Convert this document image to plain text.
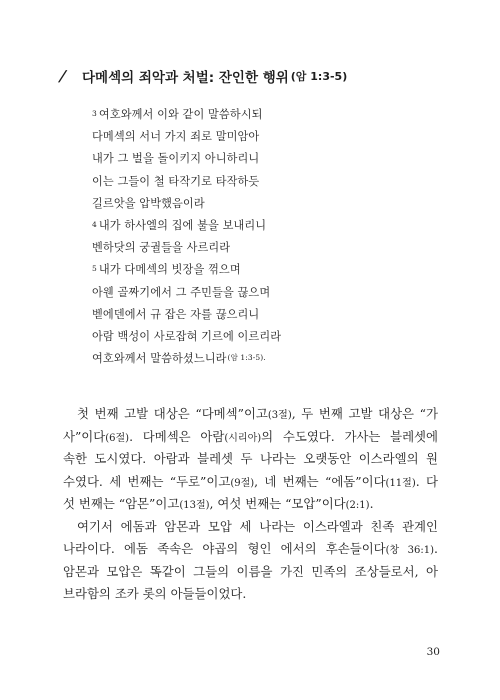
/	다메섹의 죄악과 처벌: 잔인한 행위 (암 1:3-5)
$^3$ 여호와께서 이와 같이 말씀하시되
다메섹의 서너 가지 죄로 말미암아
내가 그 벌을 돌이키지 아니하리니
이는 그들이 철 타작기로 타작하듯
길르앗을 압박했음이라
$^4$ 내가 하사엘의 집에 불을 보내리니
벤하닷의 궁궐들을 사르리라
$^5$ 내가 다메섹의 빗장을 꺾으며
아웬 골짜기에서 그 주민들을 끊으며
벧에덴에서 규 잡은 자를 끊으리니
아람 백성이 사로잡혀 기르에 이르리라
여호와께서 말씀하셨느니라$^{(암 1:3-5).}$
첫 번째 고발 대상은 “다메섹”이고(3절), 두 번째 고발 대상은 “가
사”이다(6절). 다메섹은 아람(시리아)의 수도였다. 가사는 블레셋에
속한 도시였다. 아람과 블레셋 두 나라는 오랫동안 이스라엘의 원
수였다. 세 번째는 “두로”이고(9절), 네 번째는 “에돔”이다(11절). 다
섯 번째는 “암몬”이고(13절), 여섯 번째는 “모압”이다(2:1).
여기서 에돔과 암몬과 모압 세 나라는 이스라엘과 친족 관계인
나라이다. 에돔 족속은 야곱의 형인 에서의 후손들이다(창 36:1).
암몬과 모압은 똑같이 그들의 이름을 가진 민족의 조상들로서, 아
브라함의 조카 롯의 아들들이었다.
30
